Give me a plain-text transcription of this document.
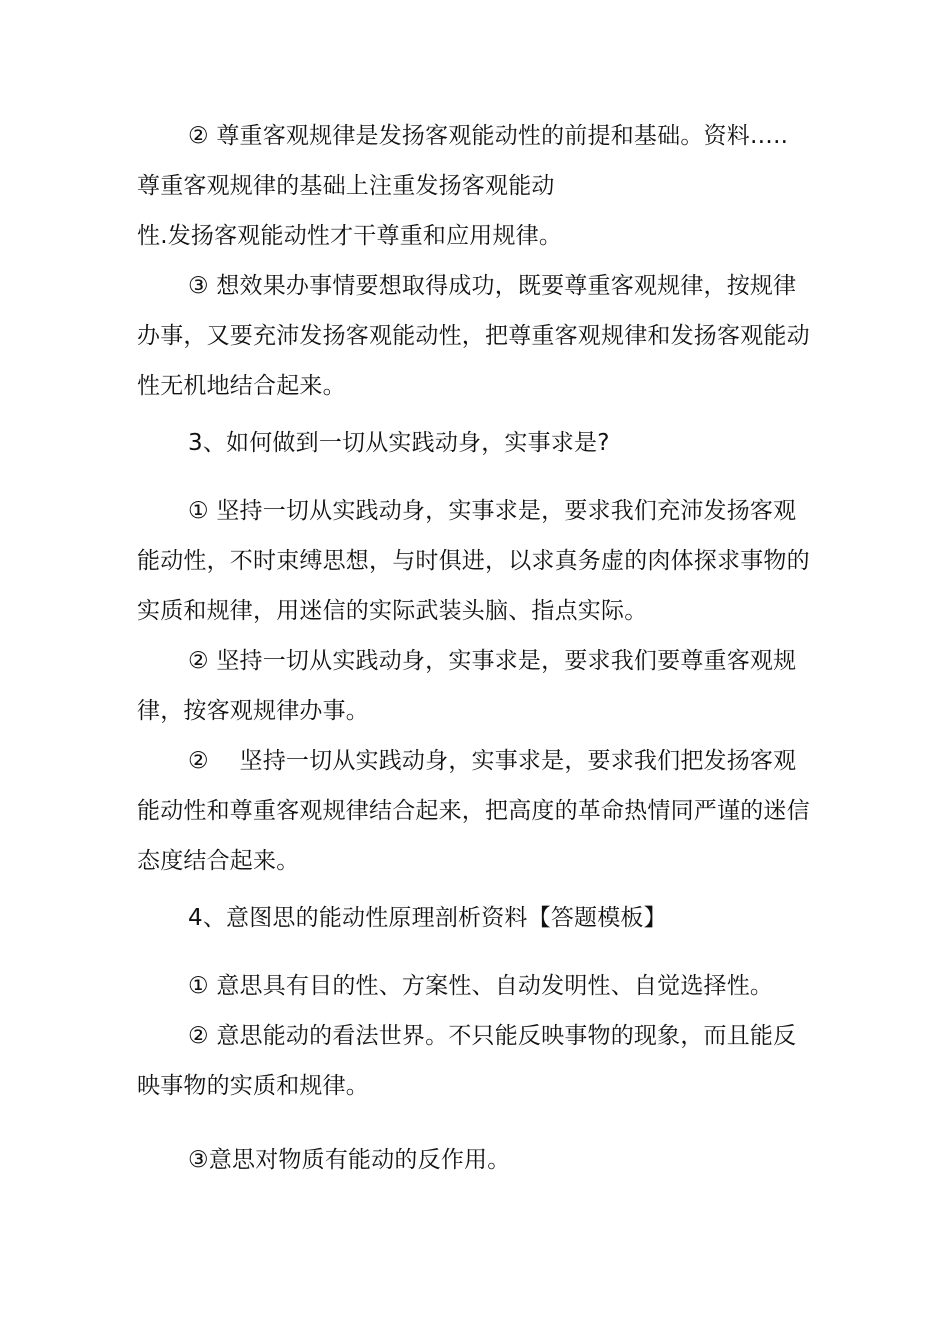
② 尊重客观规律是发扬客观能动性的前提和基础。资料…..
尊重客观规律的基础上注重发扬客观能动
性.发扬客观能动性才干尊重和应用规律。
③ 想效果办事情要想取得成功，既要尊重客观规律，按规律
办事，又要充沛发扬客观能动性，把尊重客观规律和发扬客观能动
性无机地结合起来。
3、如何做到一切从实践动身，实事求是?
① 坚持一切从实践动身，实事求是，要求我们充沛发扬客观
能动性，不时束缚思想，与时俱进，以求真务虚的肉体探求事物的
实质和规律，用迷信的实际武装头脑、指点实际。
② 坚持一切从实践动身，实事求是，要求我们要尊重客观规
律，按客观规律办事。
②　 坚持一切从实践动身，实事求是，要求我们把发扬客观
能动性和尊重客观规律结合起来，把高度的革命热情同严谨的迷信
态度结合起来。
4、意图思的能动性原理剖析资料【答题模板】
① 意思具有目的性、方案性、自动发明性、自觉选择性。
② 意思能动的看法世界。不只能反映事物的现象，而且能反
映事物的实质和规律。
③意思对物质有能动的反作用。
